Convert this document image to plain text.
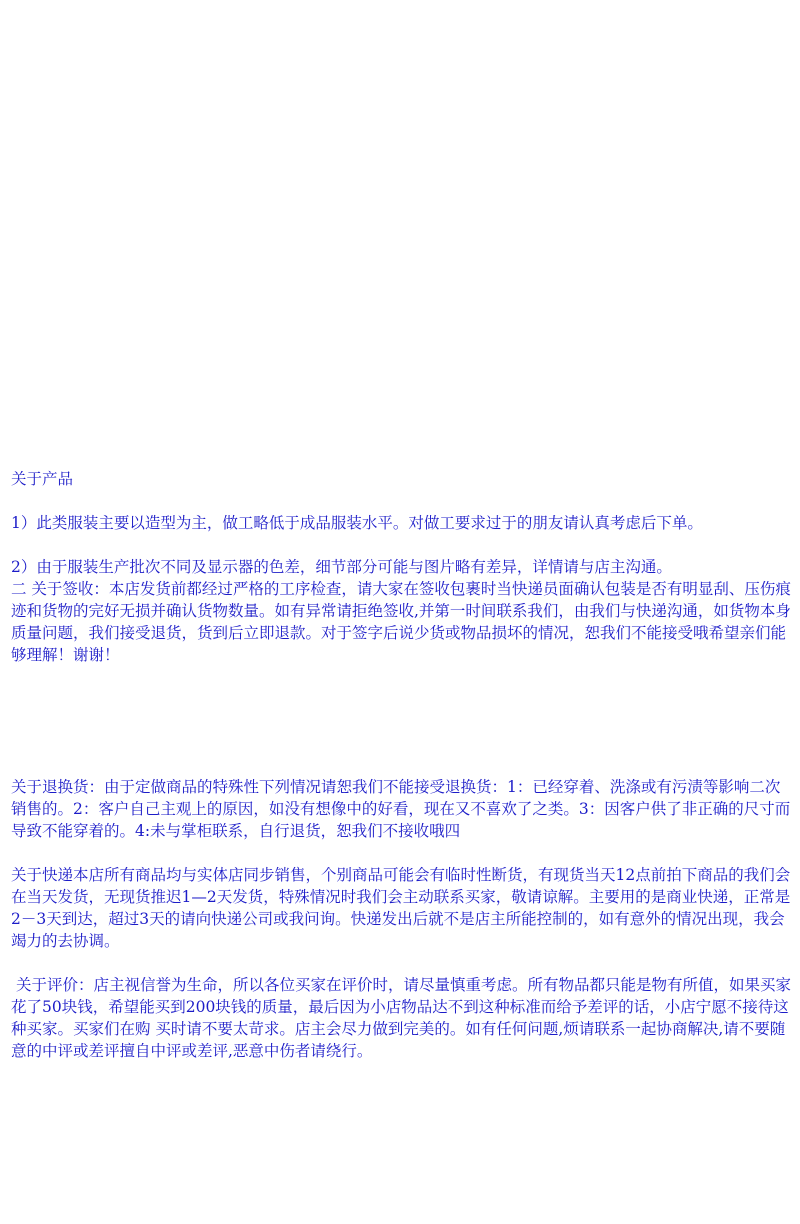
关于产品

1）此类服装主要以造型为主，做工略低于成品服装水平。对做工要求过于的朋友请认真考虑后下单。

2）由于服装生产批次不同及显示器的色差，细节部分可能与图片略有差异，详情请与店主沟通。

二 关于签收：本店发货前都经过严格的工序检查，请大家在签收包裹时当快递员面确认包装是否有明显刮、压伤痕迹和货物的完好无损并确认货物数量。如有异常请拒绝签收,并第一时间联系我们，由我们与快递沟通，如货物本身质量问题，我们接受退货，货到后立即退款。对于签字后说少货或物品损坏的情况，恕我们不能接受哦希望亲们能够理解！谢谢！

关于退换货：由于定做商品的特殊性下列情况请恕我们不能接受退换货：1：已经穿着、洗涤或有污渍等影响二次销售的。2：客户自己主观上的原因，如没有想像中的好看，现在又不喜欢了之类。3：因客户供了非正确的尺寸而导致不能穿着的。4:未与掌柜联系，自行退货，恕我们不接收哦四

关于快递本店所有商品均与实体店同步销售，个别商品可能会有临时性断货，有现货当天12点前拍下商品的我们会在当天发货，无现货推迟1—2天发货，特殊情况时我们会主动联系买家，敬请谅解。主要用的是商业快递，正常是2－3天到达，超过3天的请向快递公司或我问询。快递发出后就不是店主所能控制的，如有意外的情况出现，我会竭力的去协调。

关于评价：店主视信誉为生命，所以各位买家在评价时，请尽量慎重考虑。所有物品都只能是物有所值，如果买家花了50块钱，希望能买到200块钱的质量，最后因为小店物品达不到这种标准而给予差评的话，小店宁愿不接待这种买家。买家们在购 买时请不要太苛求。店主会尽力做到完美的。如有任何问题,烦请联系一起协商解决,请不要随意的中评或差评擅自中评或差评,恶意中伤者请绕行。
